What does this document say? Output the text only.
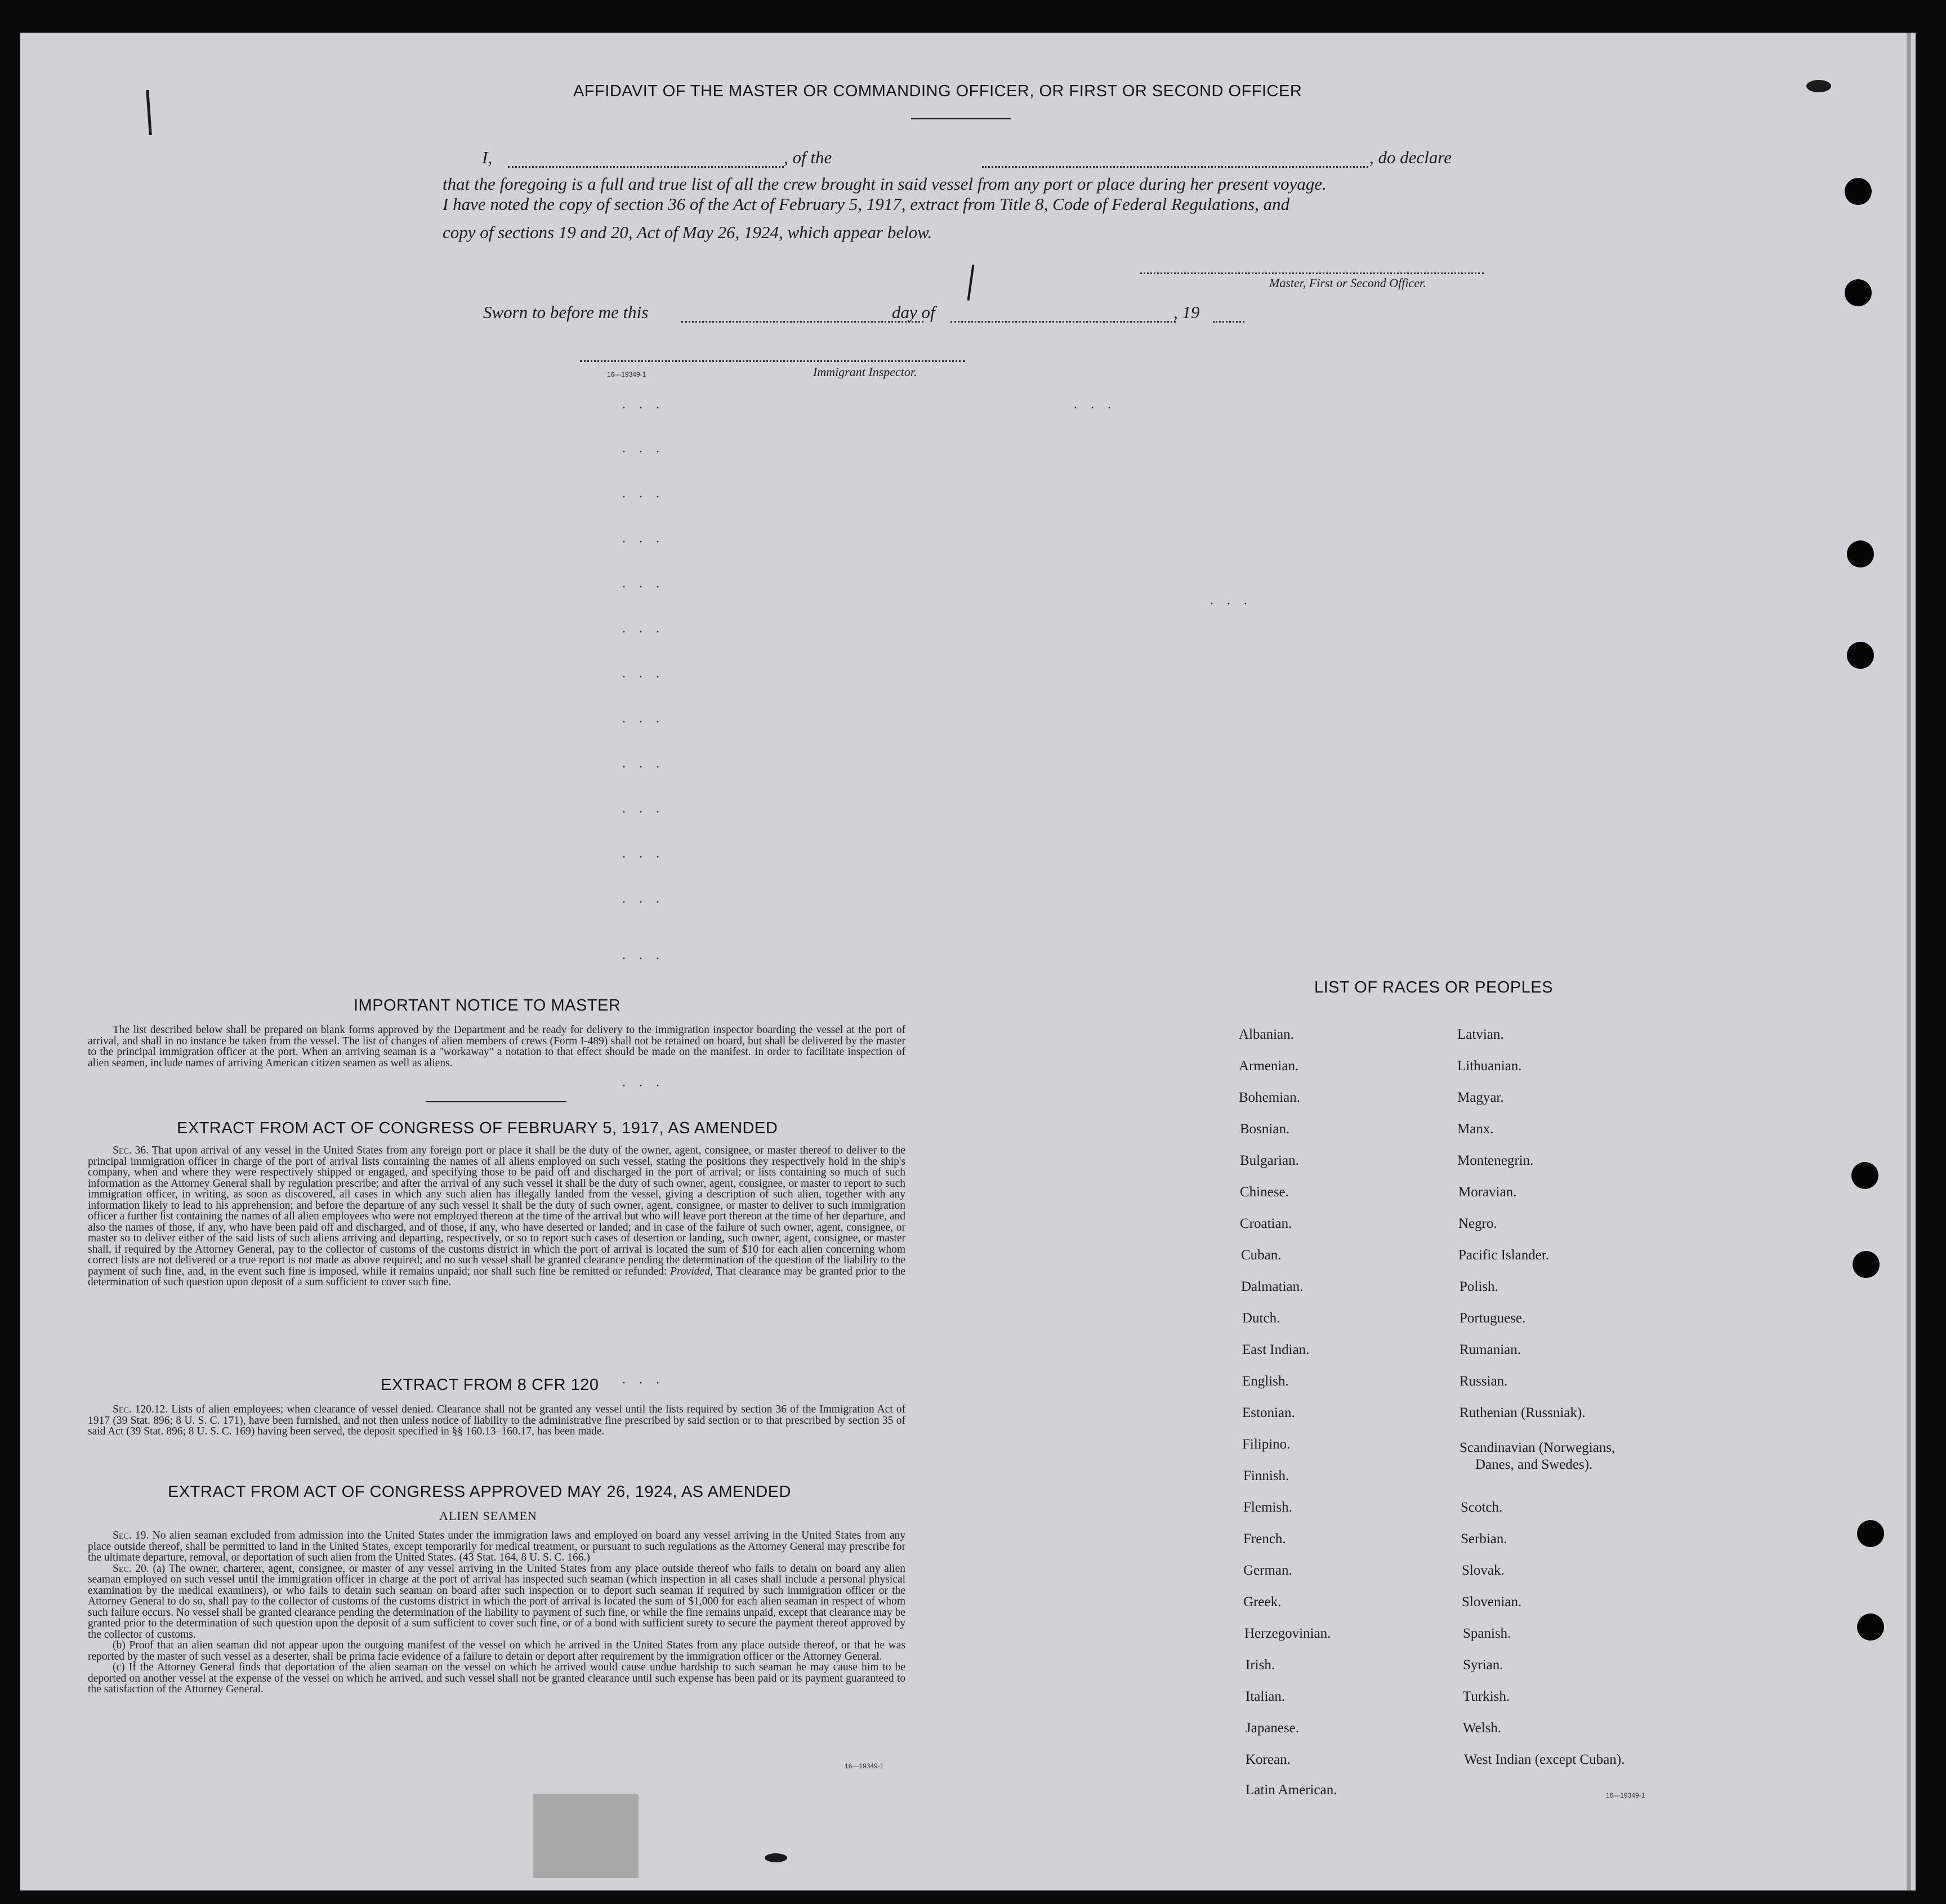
AFFIDAVIT OF THE MASTER OR COMMANDING OFFICER, OR FIRST OR SECOND OFFICER
I,	, of the	, do declare
that the foregoing is a full and true list of all the crew brought in said vessel from any port or place during her present voyage.
I have noted the copy of section 36 of the Act of February 5, 1917, extract from Title 8, Code of Federal Regulations, and
copy of sections 19 and 20, Act of May 26, 1924, which appear below.
Master, First or Second Officer.
Sworn to before me this	day of	, 19
16—19349-1	Immigrant Inspector.
· · ·
· · ·
· · ·
· · ·
· · ·
· · ·
· · ·
· · ·
· · ·
· · ·
· · ·
· · ·
· · ·
· · ·
· · ·
· · ·
· · ·
IMPORTANT NOTICE TO MASTER
The list described below shall be prepared on blank forms approved by the Department and be ready for delivery to the immigration inspector boarding the vessel at the port of arrival, and shall in no instance be taken from the vessel. The list of changes of alien members of crews (Form I-489) shall not be retained on board, but shall be delivered by the master to the principal immigration officer at the port. When an arriving seaman is a "workaway" a notation to that effect should be made on the manifest. In order to facilitate inspection of alien seamen, include names of arriving American citizen seamen as well as aliens.
EXTRACT FROM ACT OF CONGRESS OF FEBRUARY 5, 1917, AS AMENDED
Sec. 36. That upon arrival of any vessel in the United States from any foreign port or place it shall be the duty of the owner, agent, consignee, or master thereof to deliver to the principal immigration officer in charge of the port of arrival lists containing the names of all aliens employed on such vessel, stating the positions they respectively hold in the ship's company, when and where they were respectively shipped or engaged, and specifying those to be paid off and discharged in the port of arrival; or lists containing so much of such information as the Attorney General shall by regulation prescribe; and after the arrival of any such vessel it shall be the duty of such owner, agent, consignee, or master to report to such immigration officer, in writing, as soon as discovered, all cases in which any such alien has illegally landed from the vessel, giving a description of such alien, together with any information likely to lead to his apprehension; and before the departure of any such vessel it shall be the duty of such owner, agent, consignee, or master to deliver to such immigration officer a further list containing the names of all alien employees who were not employed thereon at the time of the arrival but who will leave port thereon at the time of her departure, and also the names of those, if any, who have been paid off and discharged, and of those, if any, who have deserted or landed; and in case of the failure of such owner, agent, consignee, or master so to deliver either of the said lists of such aliens arriving and departing, respectively, or so to report such cases of desertion or landing, such owner, agent, consignee, or master shall, if required by the Attorney General, pay to the collector of customs of the customs district in which the port of arrival is located the sum of $10 for each alien concerning whom correct lists are not delivered or a true report is not made as above required; and no such vessel shall be granted clearance pending the determination of the question of the liability to the payment of such fine, and, in the event such fine is imposed, while it remains unpaid; nor shall such fine be remitted or refunded: Provided, That clearance may be granted prior to the determination of such question upon deposit of a sum sufficient to cover such fine.
EXTRACT FROM 8 CFR 120
Sec. 120.12. Lists of alien employees; when clearance of vessel denied. Clearance shall not be granted any vessel until the lists required by section 36 of the Immigration Act of 1917 (39 Stat. 896; 8 U. S. C. 171), have been furnished, and not then unless notice of liability to the administrative fine prescribed by said section or to that prescribed by section 35 of said Act (39 Stat. 896; 8 U. S. C. 169) having been served, the deposit specified in §§ 160.13–160.17, has been made.
EXTRACT FROM ACT OF CONGRESS APPROVED MAY 26, 1924, AS AMENDED
ALIEN SEAMEN

Sec. 19. No alien seaman excluded from admission into the United States under the immigration laws and employed on board any vessel arriving in the United States from any place outside thereof, shall be permitted to land in the United States, except temporarily for medical treatment, or pursuant to such regulations as the Attorney General may prescribe for the ultimate departure, removal, or deportation of such alien from the United States. (43 Stat. 164, 8 U. S. C. 166.)

Sec. 20. (a) The owner, charterer, agent, consignee, or master of any vessel arriving in the United States from any place outside thereof who fails to detain on board any alien seaman employed on such vessel until the immigration officer in charge at the port of arrival has inspected such seaman (which inspection in all cases shall include a personal physical examination by the medical examiners), or who fails to detain such seaman on board after such inspection or to deport such seaman if required by such immigration officer or the Attorney General to do so, shall pay to the collector of customs of the customs district in which the port of arrival is located the sum of $1,000 for each alien seaman in respect of whom such failure occurs. No vessel shall be granted clearance pending the determination of the liability to payment of such fine, or while the fine remains unpaid, except that clearance may be granted prior to the determination of such question upon the deposit of a sum sufficient to cover such fine, or of a bond with sufficient surety to secure the payment thereof approved by the collector of customs.

(b) Proof that an alien seaman did not appear upon the outgoing manifest of the vessel on which he arrived in the United States from any place outside thereof, or that he was reported by the master of such vessel as a deserter, shall be prima facie evidence of a failure to detain or deport after requirement by the immigration officer or the Attorney General.

(c) If the Attorney General finds that deportation of the alien seaman on the vessel on which he arrived would cause undue hardship to such seaman he may cause him to be deported on another vessel at the expense of the vessel on which he arrived, and such vessel shall not be granted clearance until such expense has been paid or its payment guaranteed to the satisfaction of the Attorney General.

16—19349-1
LIST OF RACES OR PEOPLES
Albanian.
Armenian.
Bohemian.
Bosnian.
Bulgarian.
Chinese.
Croatian.
Cuban.
Dalmatian.
Dutch.
East Indian.
English.
Estonian.
Filipino.
Finnish.
Flemish.
French.
German.
Greek.
Herzegovinian.
Irish.
Italian.
Japanese.
Korean.
Latin American.
Latvian.
Lithuanian.
Magyar.
Manx.
Montenegrin.
Moravian.
Negro.
Pacific Islander.
Polish.
Portuguese.
Rumanian.
Russian.
Ruthenian (Russniak).
Scandinavian (Norwegians,
Danes, and Swedes).
Scotch.
Serbian.
Slovak.
Slovenian.
Spanish.
Syrian.
Turkish.
Welsh.
West Indian (except Cuban).
16—19349-1
